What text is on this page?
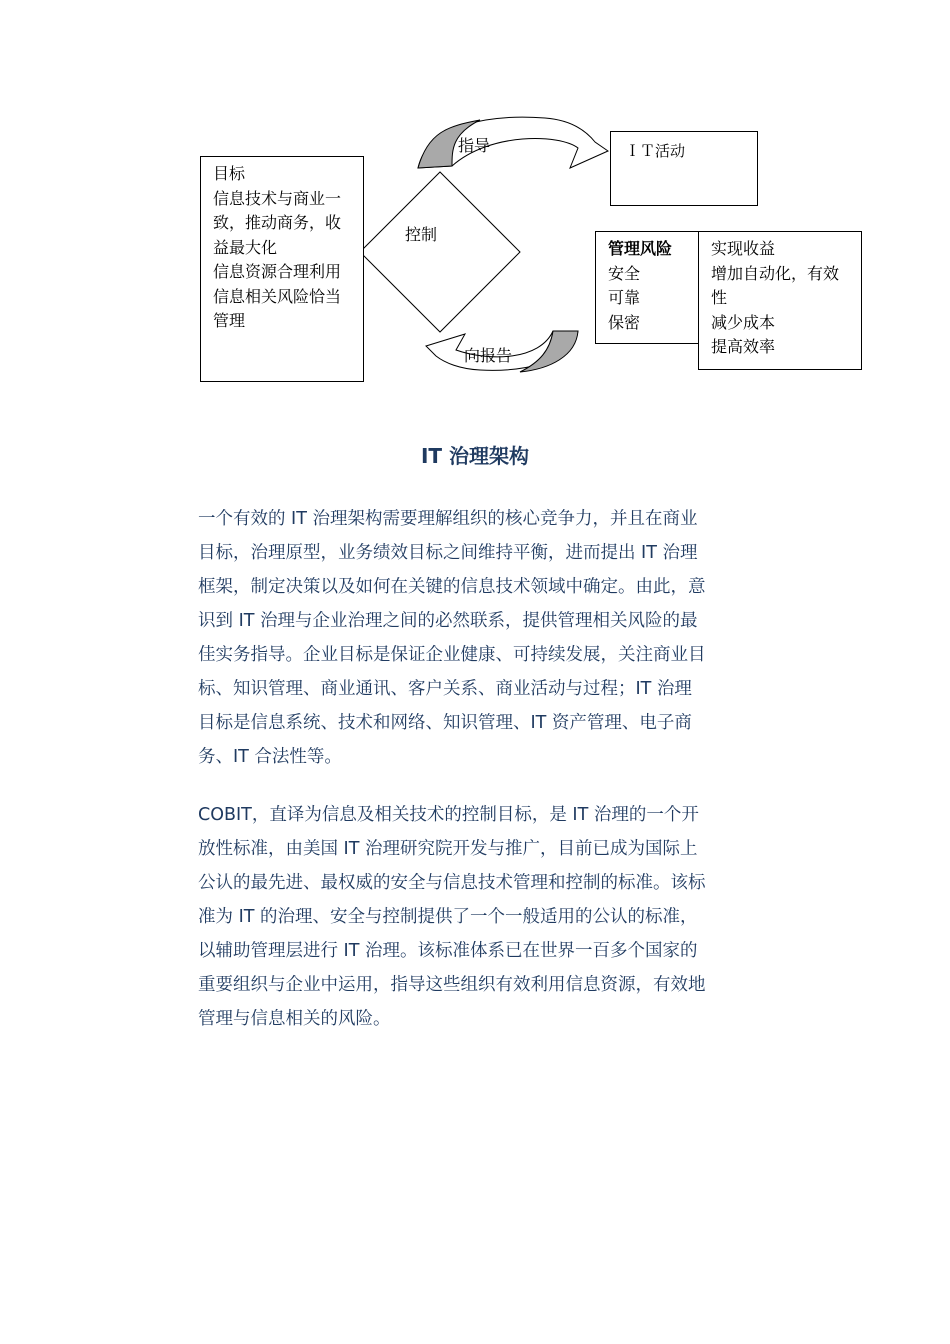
目标
信息技术与商业一
致，推动商务，收
益最大化
信息资源合理利用
信息相关风险恰当
管理
ＩＴ活动
管理风险
安全
可靠
保密
实现收益
增加自动化，有效
性
减少成本
提高效率
控制
指导
向报告
IT 治理架构
一个有效的 IT 治理架构需要理解组织的核心竞争力，并且在商业
目标，治理原型，业务绩效目标之间维持平衡，进而提出 IT 治理
框架，制定决策以及如何在关键的信息技术领域中确定。由此，意
识到 IT 治理与企业治理之间的必然联系，提供管理相关风险的最
佳实务指导。企业目标是保证企业健康、可持续发展，关注商业目
标、知识管理、商业通讯、客户关系、商业活动与过程；IT 治理
目标是信息系统、技术和网络、知识管理、IT 资产管理、电子商
务、IT 合法性等。
COBIT，直译为信息及相关技术的控制目标，是 IT 治理的一个开
放性标准，由美国 IT 治理研究院开发与推广，目前已成为国际上
公认的最先进、最权威的安全与信息技术管理和控制的标准。该标
准为 IT 的治理、安全与控制提供了一个一般适用的公认的标准，
以辅助管理层进行 IT 治理。该标准体系已在世界一百多个国家的
重要组织与企业中运用，指导这些组织有效利用信息资源，有效地
管理与信息相关的风险。
